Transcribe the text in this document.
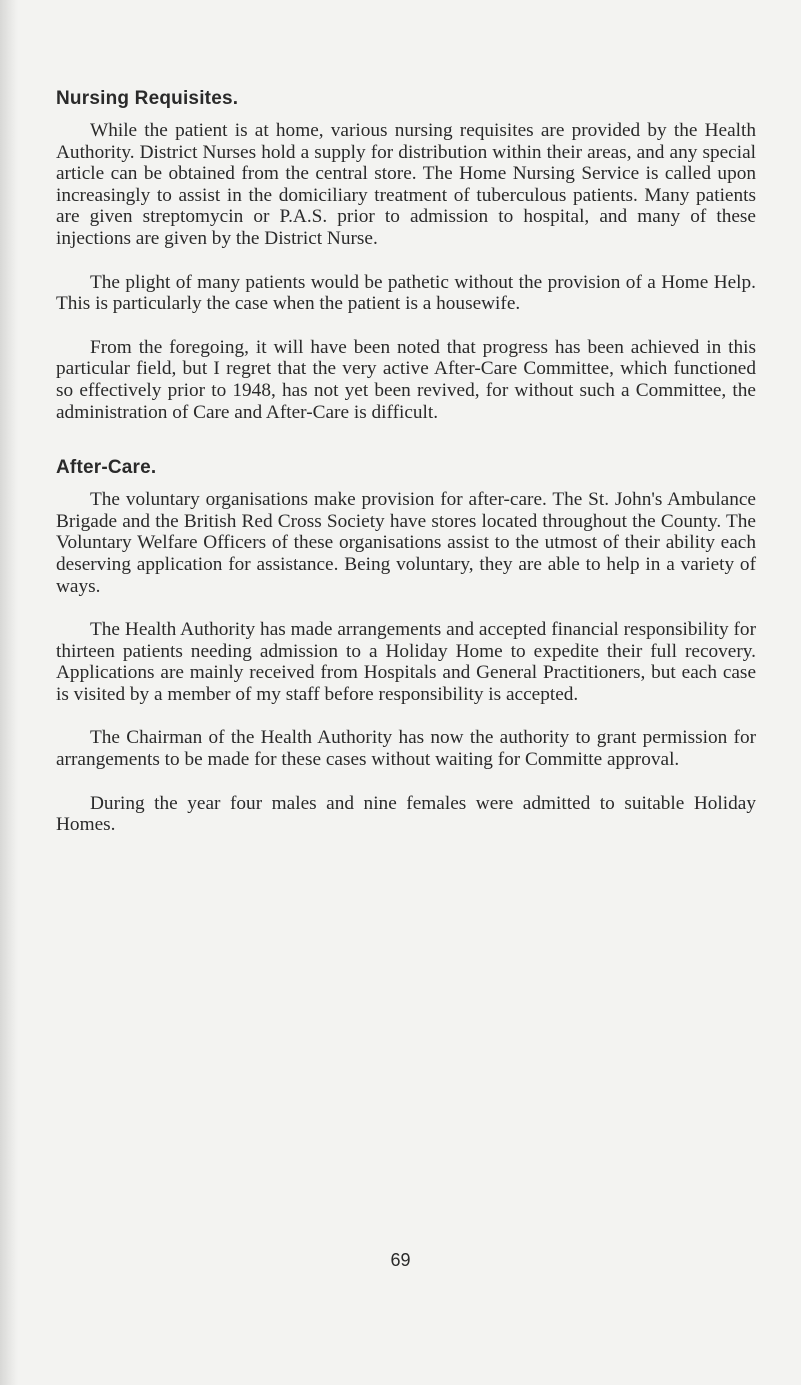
Nursing Requisites.

While the patient is at home, various nursing requisites are provided by the Health Authority. District Nurses hold a supply for distribution within their areas, and any special article can be obtained from the central store. The Home Nursing Service is called upon increasingly to assist in the domiciliary treatment of tuberculous patients. Many patients are given streptomycin or P.A.S. prior to admission to hospital, and many of these injections are given by the District Nurse.

The plight of many patients would be pathetic without the provision of a Home Help. This is particularly the case when the patient is a housewife.

From the foregoing, it will have been noted that progress has been achieved in this particular field, but I regret that the very active After-Care Committee, which functioned so effectively prior to 1948, has not yet been revived, for without such a Committee, the administration of Care and After-Care is difficult.

After-Care.

The voluntary organisations make provision for after-care. The St. John's Ambulance Brigade and the British Red Cross Society have stores located throughout the County. The Voluntary Welfare Officers of these organisations assist to the utmost of their ability each deserving application for assistance. Being voluntary, they are able to help in a variety of ways.

The Health Authority has made arrangements and accepted financial responsibility for thirteen patients needing admission to a Holiday Home to expedite their full recovery. Applications are mainly received from Hospitals and General Practitioners, but each case is visited by a member of my staff before responsibility is accepted.

The Chairman of the Health Authority has now the authority to grant permission for arrangements to be made for these cases without waiting for Committe approval.

During the year four males and nine females were admitted to suitable Holiday Homes.

69
